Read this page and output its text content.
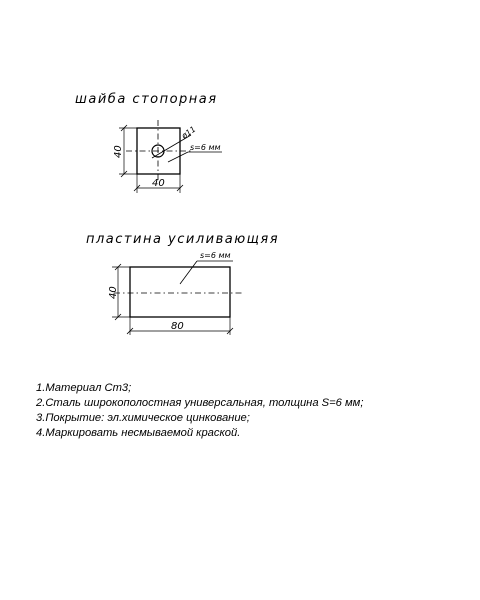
шайба стопорная
40
40
ø11
s=6 мм
пластина усиливающяя
40
80
s=6 мм
1.Материал Ст3;
2.Сталь широкополостная универсальная, толщина S=6 мм;
3.Покрытие: эл.химическое цинкование;
4.Маркировать несмываемой краской.
